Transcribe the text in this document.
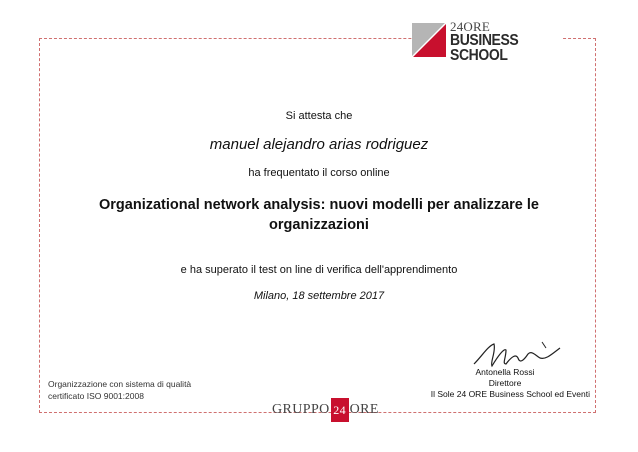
24ORE
BUSINESS SCHOOL
Si attesta che
manuel alejandro arias rodriguez
ha frequentato il corso online
Organizational network analysis: nuovi modelli per analizzare le organizzazioni
e ha superato il test on line di verifica dell'apprendimento
Milano, 18 settembre 2017
Antonella Rossi
Direttore
Il Sole 24 ORE Business School ed Eventi
Organizzazione con sistema di qualità
certificato ISO 9001:2008
GRUPPO 24 ORE
